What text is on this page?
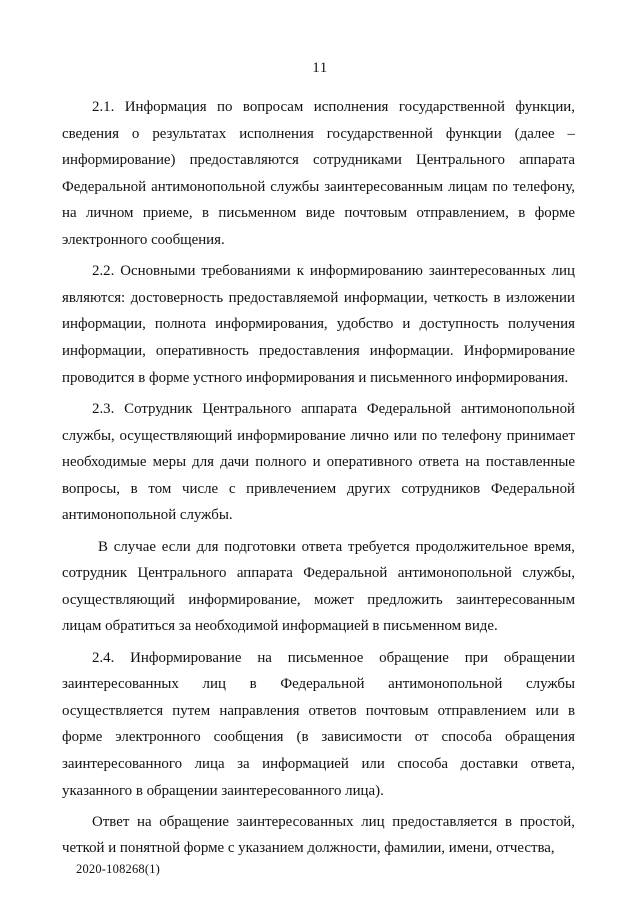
11

2.1. Информация по вопросам исполнения государственной функции, сведения о результатах исполнения государственной функции (далее – информирование) предоставляются сотрудниками Центрального аппарата Федеральной антимонопольной службы заинтересованным лицам по телефону, на личном приеме, в письменном виде почтовым отправлением, в форме электронного сообщения.

2.2. Основными требованиями к информированию заинтересованных лиц являются: достоверность предоставляемой информации, четкость в изложении информации, полнота информирования, удобство и доступность получения информации, оперативность предоставления информации. Информирование проводится в форме устного информирования и письменного информирования.

2.3. Сотрудник Центрального аппарата Федеральной антимонопольной службы, осуществляющий информирование лично или по телефону принимает необходимые меры для дачи полного и оперативного ответа на поставленные вопросы, в том числе с привлечением других сотрудников Федеральной антимонопольной службы.

В случае если для подготовки ответа требуется продолжительное время, сотрудник Центрального аппарата Федеральной антимонопольной службы, осуществляющий информирование, может предложить заинтересованным лицам обратиться за необходимой информацией в письменном виде.

2.4. Информирование на письменное обращение при обращении заинтересованных лиц в Федеральной антимонопольной службы осуществляется путем направления ответов почтовым отправлением или в форме электронного сообщения (в зависимости от способа обращения заинтересованного лица за информацией или способа доставки ответа, указанного в обращении заинтересованного лица).

Ответ на обращение заинтересованных лиц предоставляется в простой, четкой и понятной форме с указанием должности, фамилии, имени, отчества,

2020-108268(1)
